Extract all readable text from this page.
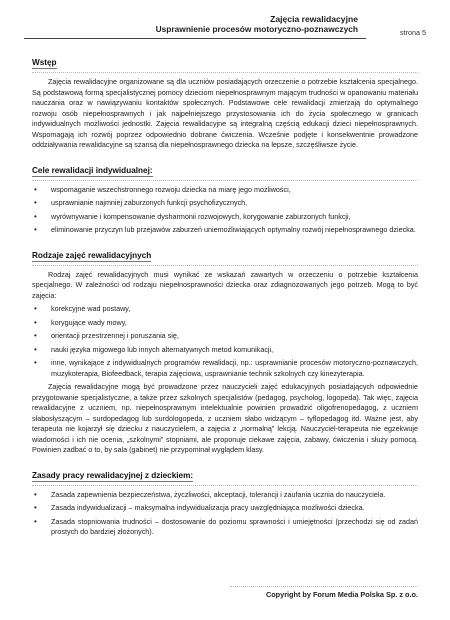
Zajęcia rewalidacyjne
Usprawnienie procesów motoryczno-poznawczych	strona 5
Wstęp

Zajęcia rewalidacyjne organizowane są dla uczniów posiadających orzeczenie o potrzebie kształcenia specjalnego. Są podstawową formą specjalistycznej pomocy dzieciom niepełnosprawnym mającym trudności w opanowaniu materiału nauczania oraz w nawiązywaniu kontaktów społecznych. Podstawowe cele rewalidacji zmierzają do optymalnego rozwoju osób niepełnosprawnych i jak najpełniejszego przystosowania ich do życia społecznego w granicach indywidualnych możliwości jednostki. Zajęcia rewalidacyjne są integralną częścią edukacji dzieci niepełnosprawnych. Wspomagają ich rozwój poprzez odpowiednio dobrane ćwiczenia. Wcześnie podjęte i konsekwentnie prowadzone oddziaływania rewalidacyjne są szansą dla niepełnosprawnego dziecka na lepsze, szczęśliwsze życie.

Cele rewalidacji indywidualnej:
• wspomaganie wszechstronnego rozwoju dziecka na miarę jego możliwości,
• usprawnianie najmniej zaburzonych funkcji psychofizycznych,
• wyrównywanie i kompensowanie dysharmonii rozwojowych, korygowanie zaburzonych funkcji,
• eliminowanie przyczyn lub przejawów zaburzeń uniemożliwiających optymalny rozwój niepełnosprawnego dziecka.
Rodzaje zajęć rewalidacyjnych

Rodzaj zajęć rewalidacyjnych musi wynikać ze wskazań zawartych w orzeczeniu o potrzebie kształcenia specjalnego. W zależności od rodzaju niepełnosprawności dziecka oraz zdiagnozowanych jego potrzeb. Mogą to być zajęcia:

• korekcyjne wad postawy,
• korygujące wady mowy,
• orientacji przestrzennej i poruszania się,
• nauki języka migowego lub innych alternatywnych metod komunikacji,
• inne, wynikające z indywidualnych programów rewalidacji, np.: usprawnianie procesów motoryczno-poznawczych, muzykoterapia, Biofeedback, terapia zajęciowa, usprawnianie technik szkolnych czy kinezyterapia.

Zajęcia rewalidacyjne mogą być prowadzone przez nauczycieli zajęć edukacyjnych posiadających odpowiednie przygotowanie specjalistyczne, a także przez szkolnych specjalistów (pedagog, psycholog, logopeda). Tak więc, zajęcia rewalidacyjne z uczniem, np. niepełnosprawnym intelektualnie powinien prowadzić oligofrenopedagog, z uczniem słabosłyszącym – surdopedagog lub surdologopeda, z uczniem słabo widzącym – tyflopedagog itd. Ważne jest, aby terapeuta nie kojarzył się dziecku z nauczycielem, a zajęcia z „normalną” lekcją. Nauczyciel-terapeuta nie egzekwuje wiadomości i ich nie ocenia, „szkolnymi” stopniami, ale proponuje ciekawe zajęcia, zabawy, ćwiczenia i służy pomocą. Powinien zadbać o to, by sala (gabinet) nie przypominał wyglądem klasy.

Zasady pracy rewalidacyjnej z dzieckiem:
• Zasada zapewnienia bezpieczeństwa, życzliwości, akceptacji, tolerancji i zaufania ucznia do nauczyciela.
• Zasada indywidualizacji – maksymalna indywidualizacja pracy uwzględniająca możliwości dziecka.
• Zasada stopniowania trudności – dostosowanie do poziomu sprawności i umiejętności (przechodzi się od zadań prostych do bardziej złożonych).
Copyright by Forum Media Polska Sp. z o.o.
